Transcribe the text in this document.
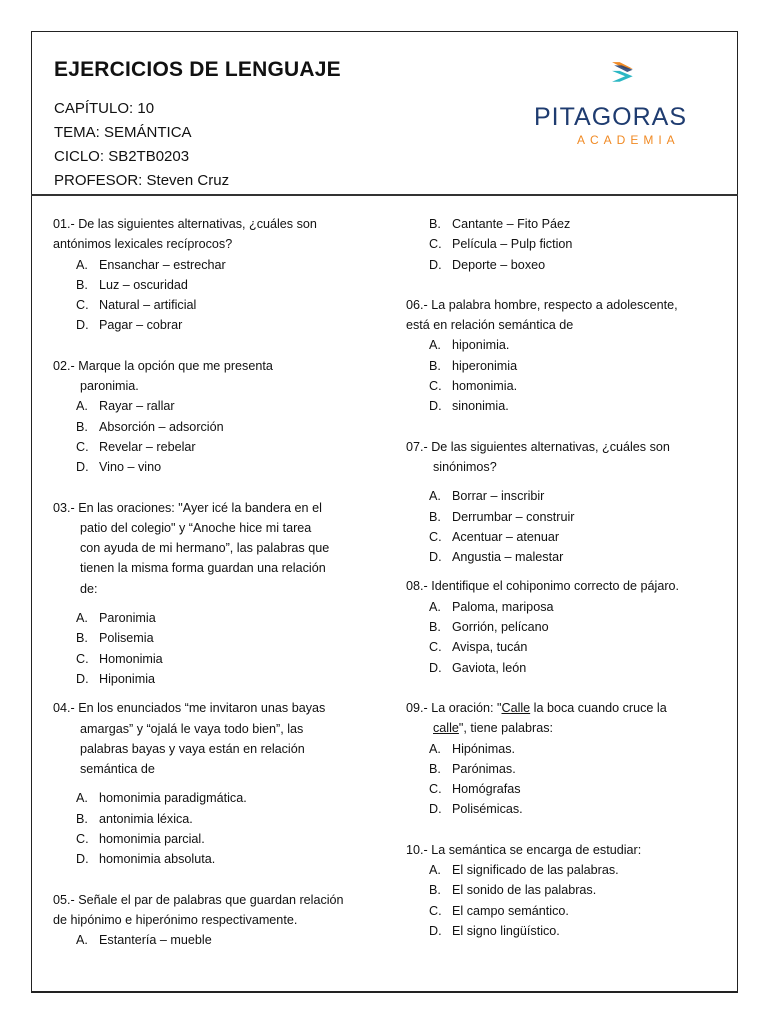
EJERCICIOS DE LENGUAJE
CAPÍTULO: 10
TEMA: SEMÁNTICA
CICLO: SB2TB0203
PROFESOR: Steven Cruz
PITAGORAS
ACADEMIA
01.- De las siguientes alternativas, ¿cuáles son
antónimos lexicales recíprocos?
A. Ensanchar – estrechar
B. Luz – oscuridad
C. Natural – artificial
D. Pagar – cobrar
02.- Marque la opción que me presenta
paronimia.
A. Rayar – rallar
B. Absorción – adsorción
C. Revelar – rebelar
D. Vino – vino
03.- En las oraciones: "Ayer icé la bandera en el
patio del colegio" y “Anoche hice mi tarea
con ayuda de mi hermano”, las palabras que
tienen la misma forma guardan una relación
de:
A. Paronimia
B. Polisemia
C. Homonimia
D. Hiponimia
04.- En los enunciados “me invitaron unas bayas
amargas” y “ojalá le vaya todo bien”, las
palabras bayas y vaya están en relación
semántica de
A. homonimia paradigmática.
B. antonimia léxica.
C. homonimia parcial.
D. homonimia absoluta.
05.- Señale el par de palabras que guardan relación
de hipónimo e hiperónimo respectivamente.
A. Estantería – mueble
B. Cantante – Fito Páez
C. Película – Pulp fiction
D. Deporte – boxeo
06.- La palabra hombre, respecto a adolescente,
está en relación semántica de
A. hiponimia.
B. hiperonimia
C. homonimia.
D. sinonimia.
07.- De las siguientes alternativas, ¿cuáles son
sinónimos?
A. Borrar – inscribir
B. Derrumbar – construir
C. Acentuar – atenuar
D. Angustia – malestar
08.- Identifique el cohiponimo correcto de pájaro.
A. Paloma, mariposa
B. Gorrión, pelícano
C. Avispa, tucán
D. Gaviota, león
09.- La oración: "Calle la boca cuando cruce la
calle", tiene palabras:
A. Hipónimas.
B. Parónimas.
C. Homógrafas
D. Polisémicas.
10.- La semántica se encarga de estudiar:
A. El significado de las palabras.
B. El sonido de las palabras.
C. El campo semántico.
D. El signo lingüístico.
